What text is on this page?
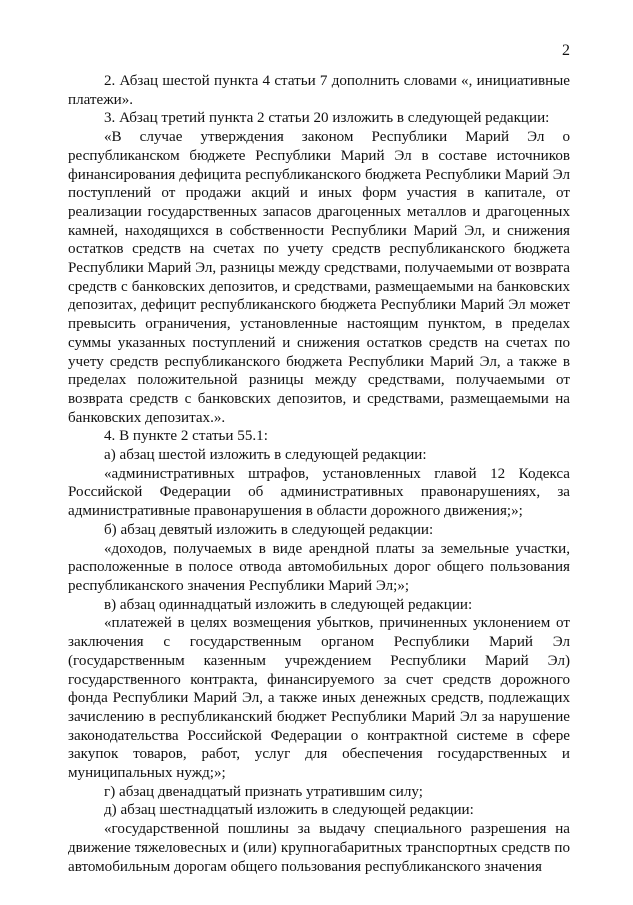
2

2. Абзац шестой пункта 4 статьи 7 дополнить словами «, инициативные платежи».

3. Абзац третий пункта 2 статьи 20 изложить в следующей редакции:

«В случае утверждения законом Республики Марий Эл о республиканском бюджете Республики Марий Эл в составе источников финансирования дефицита республиканского бюджета Республики Марий Эл поступлений от продажи акций и иных форм участия в капитале, от реализации государственных запасов драгоценных металлов и драгоценных камней, находящихся в собственности Республики Марий Эл, и снижения остатков средств на счетах по учету средств республиканского бюджета Республики Марий Эл, разницы между средствами, получаемыми от возврата средств с банковских депозитов, и средствами, размещаемыми на банковских депозитах, дефицит республиканского бюджета Республики Марий Эл может превысить ограничения, установленные настоящим пунктом, в пределах суммы указанных поступлений и снижения остатков средств на счетах по учету средств республиканского бюджета Республики Марий Эл, а также в пределах положительной разницы между средствами, получаемыми от возврата средств с банковских депозитов, и средствами, размещаемыми на банковских депозитах.».

4. В пункте 2 статьи 55.1:

а) абзац шестой изложить в следующей редакции:

«административных штрафов, установленных главой 12 Кодекса Российской Федерации об административных правонарушениях, за административные правонарушения в области дорожного движения;»;

б) абзац девятый изложить в следующей редакции:

«доходов, получаемых в виде арендной платы за земельные участки, расположенные в полосе отвода автомобильных дорог общего пользования республиканского значения Республики Марий Эл;»;

в) абзац одиннадцатый изложить в следующей редакции:

«платежей в целях возмещения убытков, причиненных уклонением от заключения с государственным органом Республики Марий Эл (государственным казенным учреждением Республики Марий Эл) государственного контракта, финансируемого за счет средств дорожного фонда Республики Марий Эл, а также иных денежных средств, подлежащих зачислению в республиканский бюджет Республики Марий Эл за нарушение законодательства Российской Федерации о контрактной системе в сфере закупок товаров, работ, услуг для обеспечения государственных и муниципальных нужд;»;

г) абзац двенадцатый признать утратившим силу;

д) абзац шестнадцатый изложить в следующей редакции:

«государственной пошлины за выдачу специального разрешения на движение тяжеловесных и (или) крупногабаритных транспортных средств по автомобильным дорогам общего пользования республиканского значения
